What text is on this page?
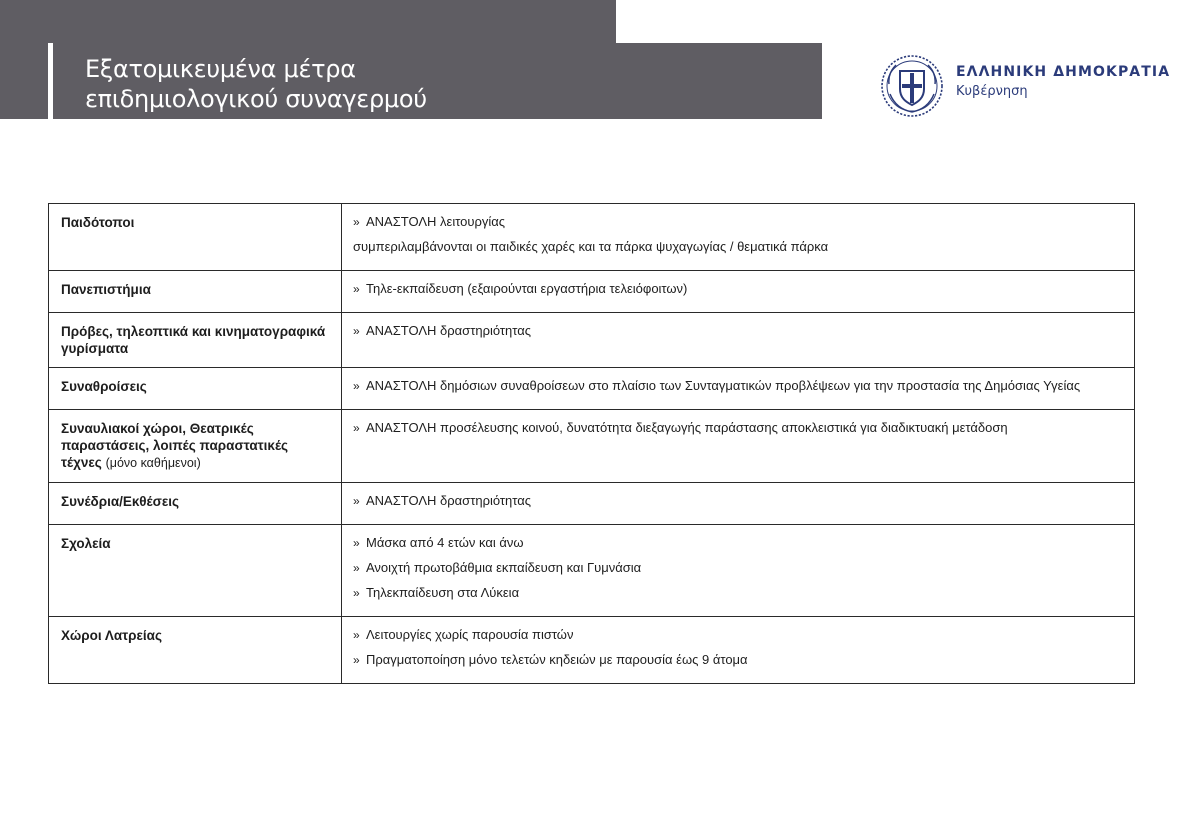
Εξατομικευμένα μέτρα
επιδημιολογικού συναγερμού
ΕΛΛΗΝΙΚΗ ΔΗΜΟΚΡΑΤΙΑ
Κυβέρνηση
Παιδότοποι	» ΑΝΑΣΤΟΛΗ λειτουργίας
συμπεριλαμβάνονται οι παιδικές χαρές και τα πάρκα ψυχαγωγίας / θεματικά πάρκα

Πανεπιστήμια	» Τηλε-εκπαίδευση (εξαιρούνται εργαστήρια τελειόφοιτων)

Πρόβες, τηλεοπτικά και κινηματογραφικά γυρίσματα	» ΑΝΑΣΤΟΛΗ δραστηριότητας

Συναθροίσεις	» ΑΝΑΣΤΟΛΗ δημόσιων συναθροίσεων στο πλαίσιο των Συνταγματικών προβλέψεων για την προστασία της Δημόσιας Υγείας

Συναυλιακοί χώροι, Θεατρικές παραστάσεις, λοιπές παραστατικές τέχνες (μόνο καθήμενοι)	» ΑΝΑΣΤΟΛΗ προσέλευσης κοινού, δυνατότητα διεξαγωγής παράστασης αποκλειστικά για διαδικτυακή μετάδοση

Συνέδρια/Εκθέσεις	» ΑΝΑΣΤΟΛΗ δραστηριότητας

Σχολεία	» Μάσκα από 4 ετών και άνω
» Ανοιχτή πρωτοβάθμια εκπαίδευση και Γυμνάσια
» Τηλεκπαίδευση στα Λύκεια

Χώροι Λατρείας	» Λειτουργίες χωρίς παρουσία πιστών
» Πραγματοποίηση μόνο τελετών κηδειών με παρουσία έως 9 άτομα
